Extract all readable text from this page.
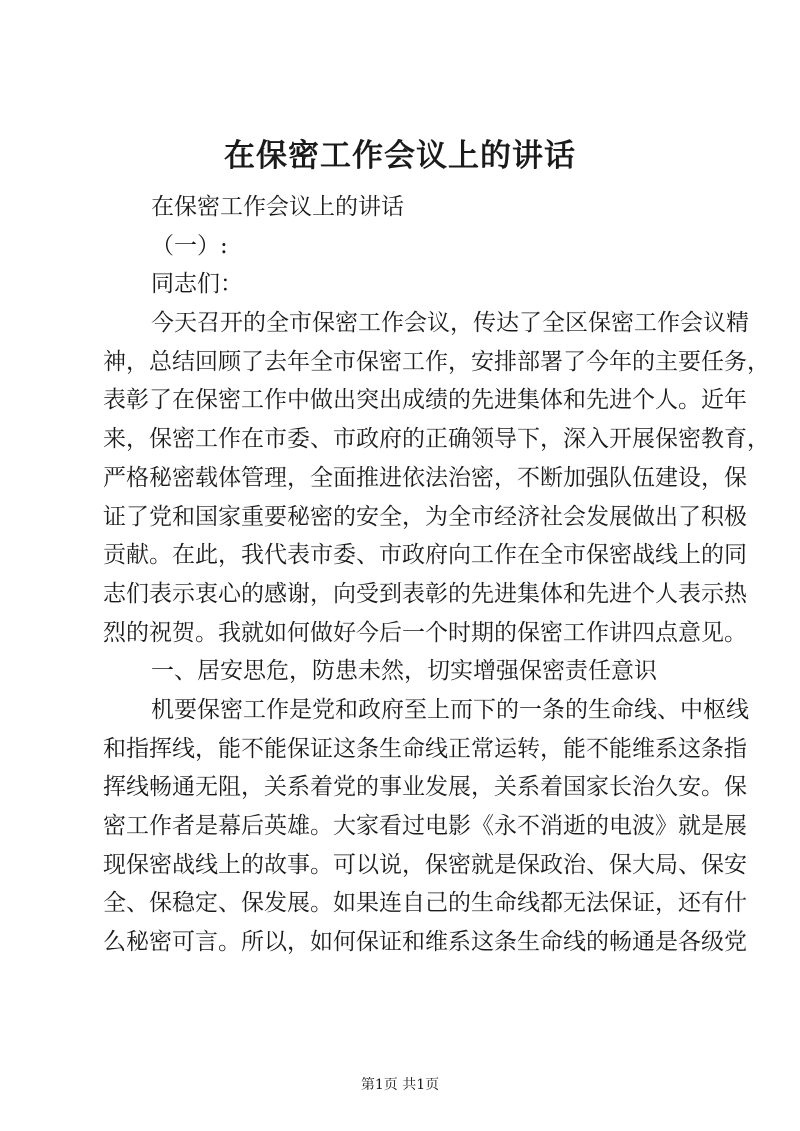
在保密工作会议上的讲话
在保密工作会议上的讲话
（一）:
同志们：
今天召开的全市保密工作会议，传达了全区保密工作会议精
神，总结回顾了去年全市保密工作，安排部署了今年的主要任务，
表彰了在保密工作中做出突出成绩的先进集体和先进个人。近年
来，保密工作在市委、市政府的正确领导下，深入开展保密教育，
严格秘密载体管理，全面推进依法治密，不断加强队伍建设，保
证了党和国家重要秘密的安全，为全市经济社会发展做出了积极
贡献。在此，我代表市委、市政府向工作在全市保密战线上的同
志们表示衷心的感谢，向受到表彰的先进集体和先进个人表示热
烈的祝贺。我就如何做好今后一个时期的保密工作讲四点意见。
一、居安思危，防患未然，切实增强保密责任意识
机要保密工作是党和政府至上而下的一条的生命线、中枢线
和指挥线，能不能保证这条生命线正常运转，能不能维系这条指
挥线畅通无阻，关系着党的事业发展，关系着国家长治久安。保
密工作者是幕后英雄。大家看过电影《永不消逝的电波》就是展
现保密战线上的故事。可以说，保密就是保政治、保大局、保安
全、保稳定、保发展。如果连自己的生命线都无法保证，还有什
么秘密可言。所以，如何保证和维系这条生命线的畅通是各级党
第1页 共1页
